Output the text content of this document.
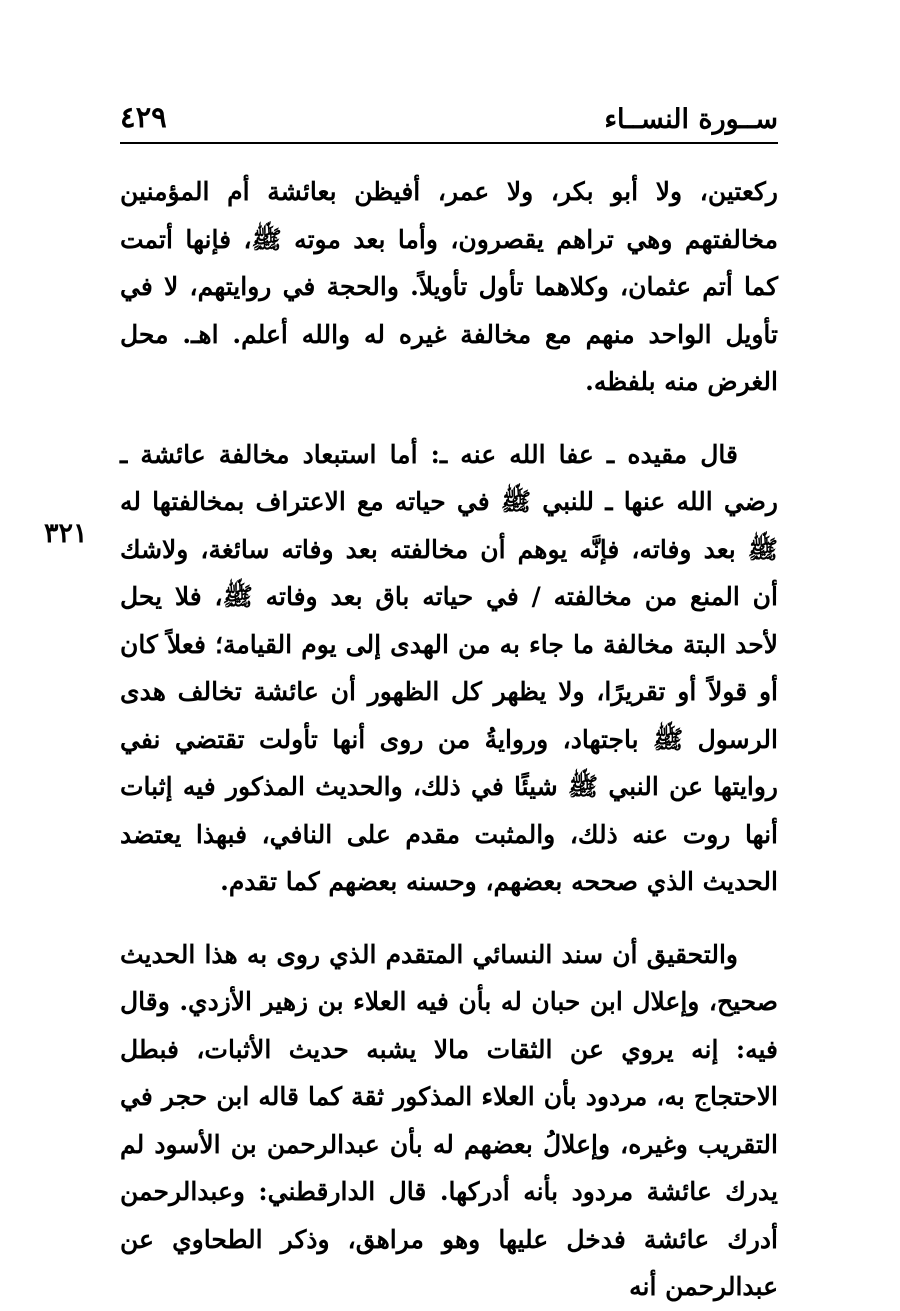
ســورة النســاء
٤٢٩
٣٢١

ركعتين، ولا أبو بكر، ولا عمر، أفيظن بعائشة أم المؤمنين مخالفتهم وهي تراهم يقصرون، وأما بعد موته ﷺ، فإنها أتمت كما أتم عثمان، وكلاهما تأول تأويلاً. والحجة في روايتهم، لا في تأويل الواحد منهم مع مخالفة غيره له والله أعلم. اهـ. محل الغرض منه بلفظه.

قال مقيده ـ عفا الله عنه ـ: أما استبعاد مخالفة عائشة ـ رضي الله عنها ـ للنبي ﷺ في حياته مع الاعتراف بمخالفتها له ﷺ بعد وفاته، فإنَّه يوهم أن مخالفته بعد وفاته سائغة، ولاشك أن المنع من مخالفته / في حياته باق بعد وفاته ﷺ، فلا يحل لأحد البتة مخالفة ما جاء به من الهدى إلى يوم القيامة؛ فعلاً كان أو قولاً أو تقريرًا، ولا يظهر كل الظهور أن عائشة تخالف هدى الرسول ﷺ باجتهاد، وروايةُ من روى أنها تأولت تقتضي نفي روايتها عن النبي ﷺ شيئًا في ذلك، والحديث المذكور فيه إثبات أنها روت عنه ذلك، والمثبت مقدم على النافي، فبهذا يعتضد الحديث الذي صححه بعضهم، وحسنه بعضهم كما تقدم.

والتحقيق أن سند النسائي المتقدم الذي روى به هذا الحديث صحيح، وإعلال ابن حبان له بأن فيه العلاء بن زهير الأزدي. وقال فيه: إنه يروي عن الثقات مالا يشبه حديث الأثبات، فبطل الاحتجاج به، مردود بأن العلاء المذكور ثقة كما قاله ابن حجر في التقريب وغيره، وإعلالُ بعضهم له بأن عبدالرحمن بن الأسود لم يدرك عائشة مردود بأنه أدركها. قال الدارقطني: وعبدالرحمن أدرك عائشة فدخل عليها وهو مراهق، وذكر الطحاوي عن عبدالرحمن أنه
